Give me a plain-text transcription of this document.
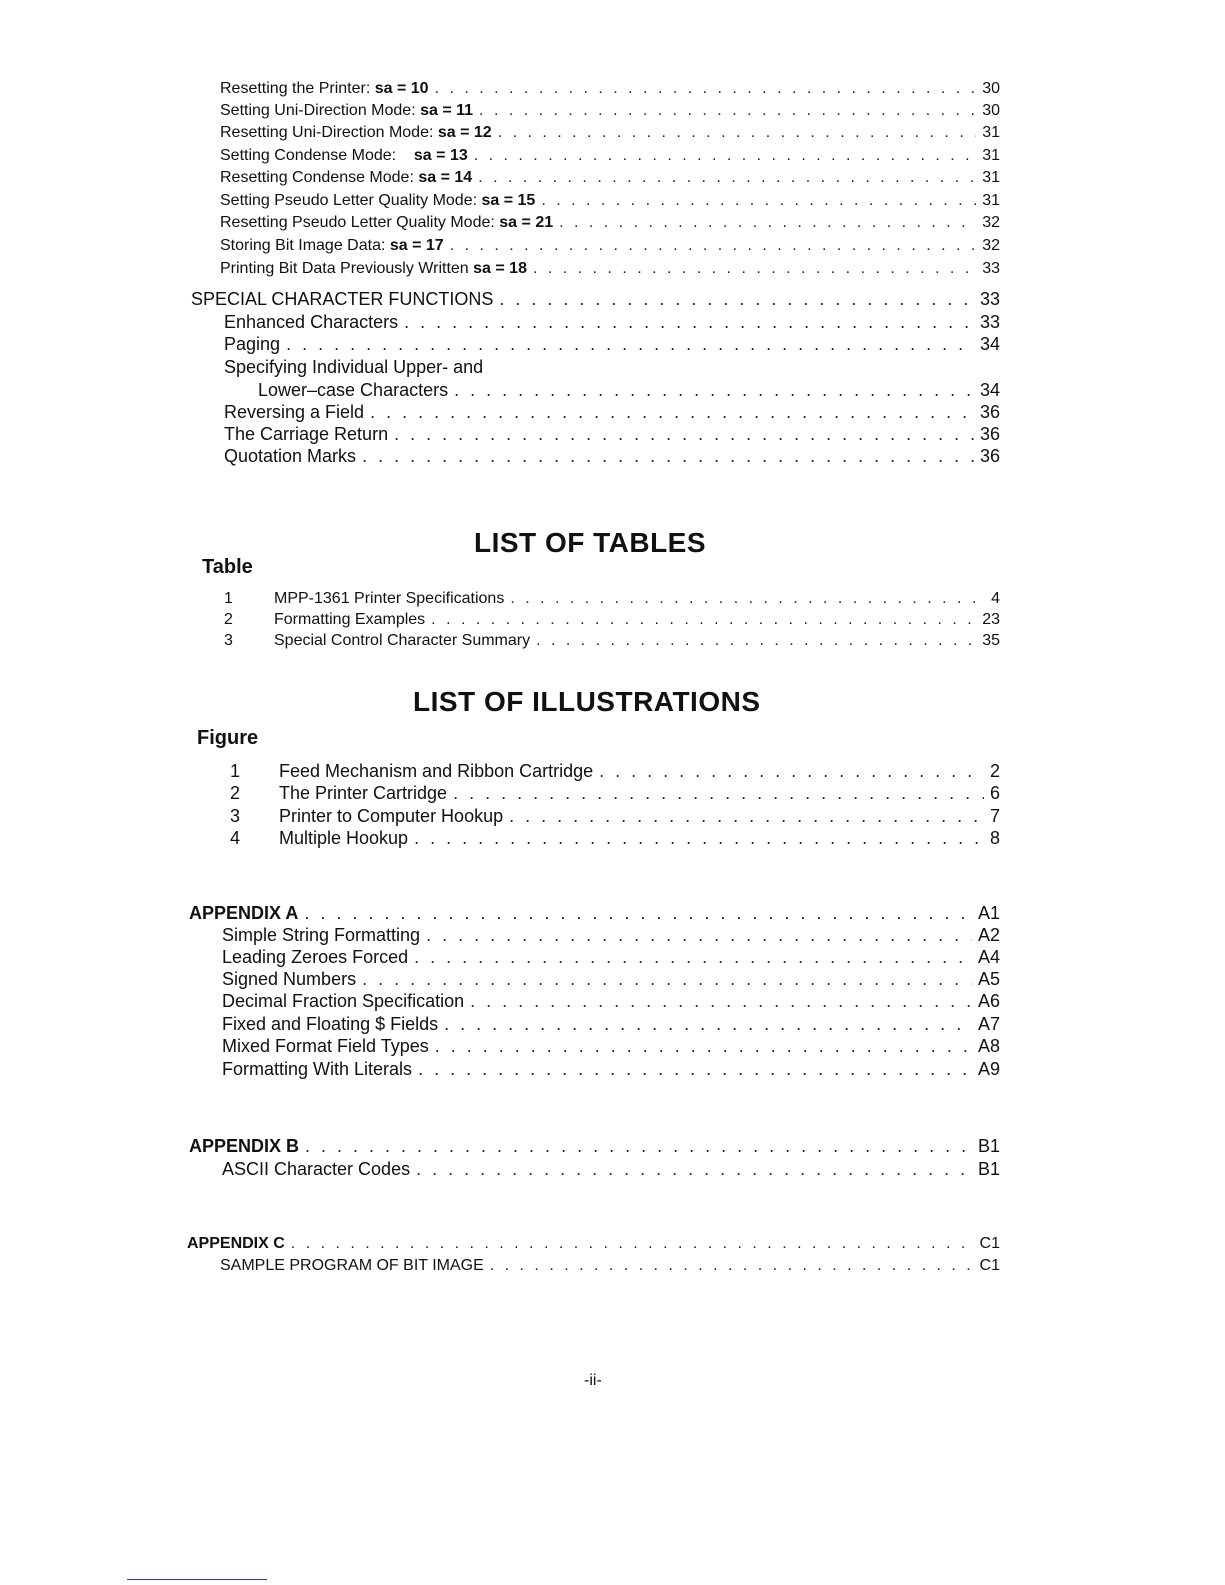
Resetting the Printer: sa = 10 . . .	30
Setting Uni-Direction Mode: sa = 11 . . .	30
Resetting Uni-Direction Mode: sa = 12 . . .	31
Setting Condense Mode: sa = 13 . . .	31
Resetting Condense Mode: sa = 14 . . .	31
Setting Pseudo Letter Quality Mode: sa = 15 . . .	31
Resetting Pseudo Letter Quality Mode: sa = 21 . . .	32
Storing Bit Image Data: sa = 17 . . .	32
Printing Bit Data Previously Written sa = 18 . . .	33
SPECIAL CHARACTER FUNCTIONS . . .	33
Enhanced Characters . . .	33
Paging . . .	34
Specifying Individual Upper- and
Lower–case Characters . . .	34
Reversing a Field . . .	36
The Carriage Return . . .	36
Quotation Marks . . .	36
LIST OF TABLES
Table
1	MPP-1361 Printer Specifications . . .	4
2	Formatting Examples . . .	23
3	Special Control Character Summary . . .	35
LIST OF ILLUSTRATIONS
Figure
1 Feed Mechanism and Ribbon Cartridge . . .	2
2 The Printer Cartridge . . .	6
3 Printer to Computer Hookup . . .	7
4 Multiple Hookup . . .	8
APPENDIX A . . .	A1
Simple String Formatting . . .	A2
Leading Zeroes Forced . . .	A4
Signed Numbers . . .	A5
Decimal Fraction Specification . . .	A6
Fixed and Floating $ Fields . . .	A7
Mixed Format Field Types . . .	A8
Formatting With Literals . . .	A9
APPENDIX B . . .	B1
ASCII Character Codes . . .	B1
APPENDIX C . . .	C1
SAMPLE PROGRAM OF BIT IMAGE . . .	C1
-ii-
